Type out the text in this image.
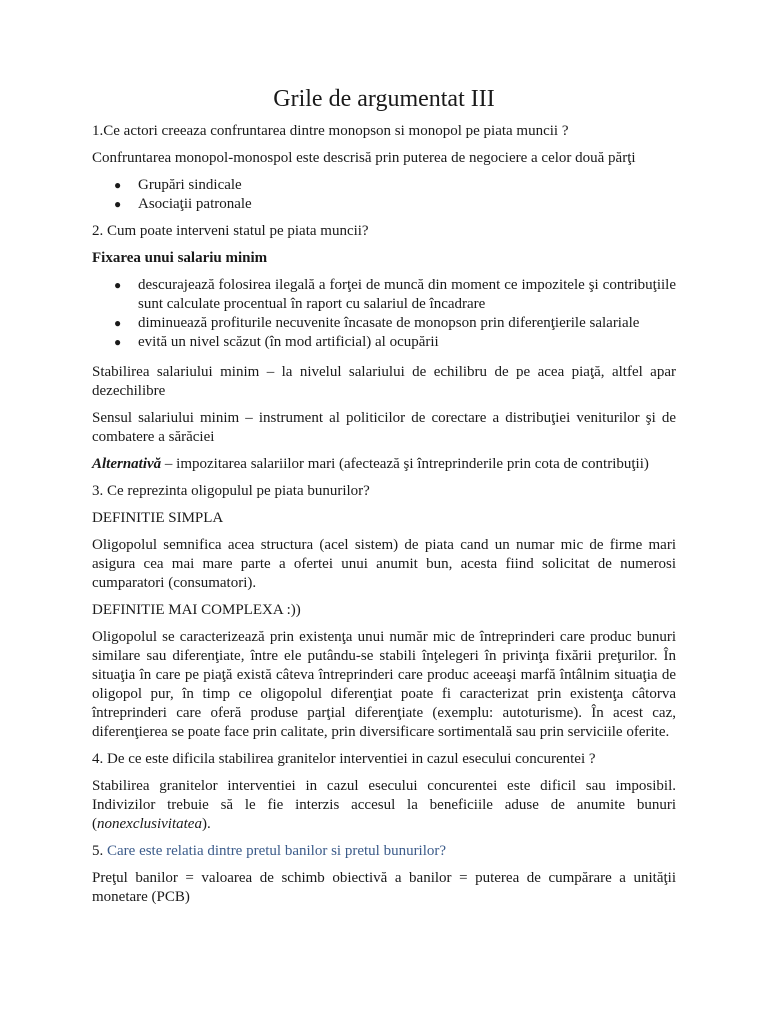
Grile de argumentat III

1.Ce actori creeaza confruntarea dintre monopson si monopol pe piata muncii ?

Confruntarea monopol-monospol este descrisă prin puterea de negociere a celor două părţi

● Grupări sindicale
● Asociaţii patronale

2. Cum poate interveni statul pe piata muncii?

Fixarea unui salariu minim

● descurajează folosirea ilegală a forţei de muncă din moment ce impozitele şi contribuţiile sunt calculate procentual în raport cu salariul de încadrare
● diminuează profiturile necuvenite încasate de monopson prin diferenţierile salariale
● evită un nivel scăzut (în mod artificial) al ocupării

Stabilirea salariului minim – la nivelul salariului de echilibru de pe acea piaţă, altfel apar dezechilibre

Sensul salariului minim – instrument al politicilor de corectare a distribuţiei veniturilor şi de combatere a sărăciei

Alternativă – impozitarea salariilor mari (afectează şi întreprinderile prin cota de contribuţii)

3. Ce reprezinta oligopulul pe piata bunurilor?

DEFINITIE SIMPLA

Oligopolul semnifica acea structura (acel sistem) de piata cand un numar mic de firme mari asigura cea mai mare parte a ofertei unui anumit bun, acesta fiind solicitat de numerosi cumparatori (consumatori).

DEFINITIE MAI COMPLEXA :))

Oligopolul se caracterizează prin existenţa unui număr mic de întreprinderi care produc bunuri similare sau diferenţiate, între ele putându-se stabili înţelegeri în privinţa fixării preţurilor. În situaţia în care pe piaţă există câteva întreprinderi care produc aceeaşi marfă întâlnim situaţia de oligopol pur, în timp ce oligopolul diferenţiat poate fi caracterizat prin existenţa câtorva întreprinderi care oferă produse parţial diferenţiate (exemplu: autoturisme). În acest caz, diferenţierea se poate face prin calitate, prin diversificare sortimentală sau prin serviciile oferite.

4. De ce este dificila stabilirea granitelor interventiei in cazul esecului concurentei ?

Stabilirea granitelor interventiei in cazul esecului concurentei este dificil sau imposibil. Indivizilor trebuie să le fie interzis accesul la beneficiile aduse de anumite bunuri (nonexclusivitatea).

5. Care este relatia dintre pretul banilor si pretul bunurilor?

Preţul banilor = valoarea de schimb obiectivă a banilor = puterea de cumpărare a unităţii monetare (PCB)
